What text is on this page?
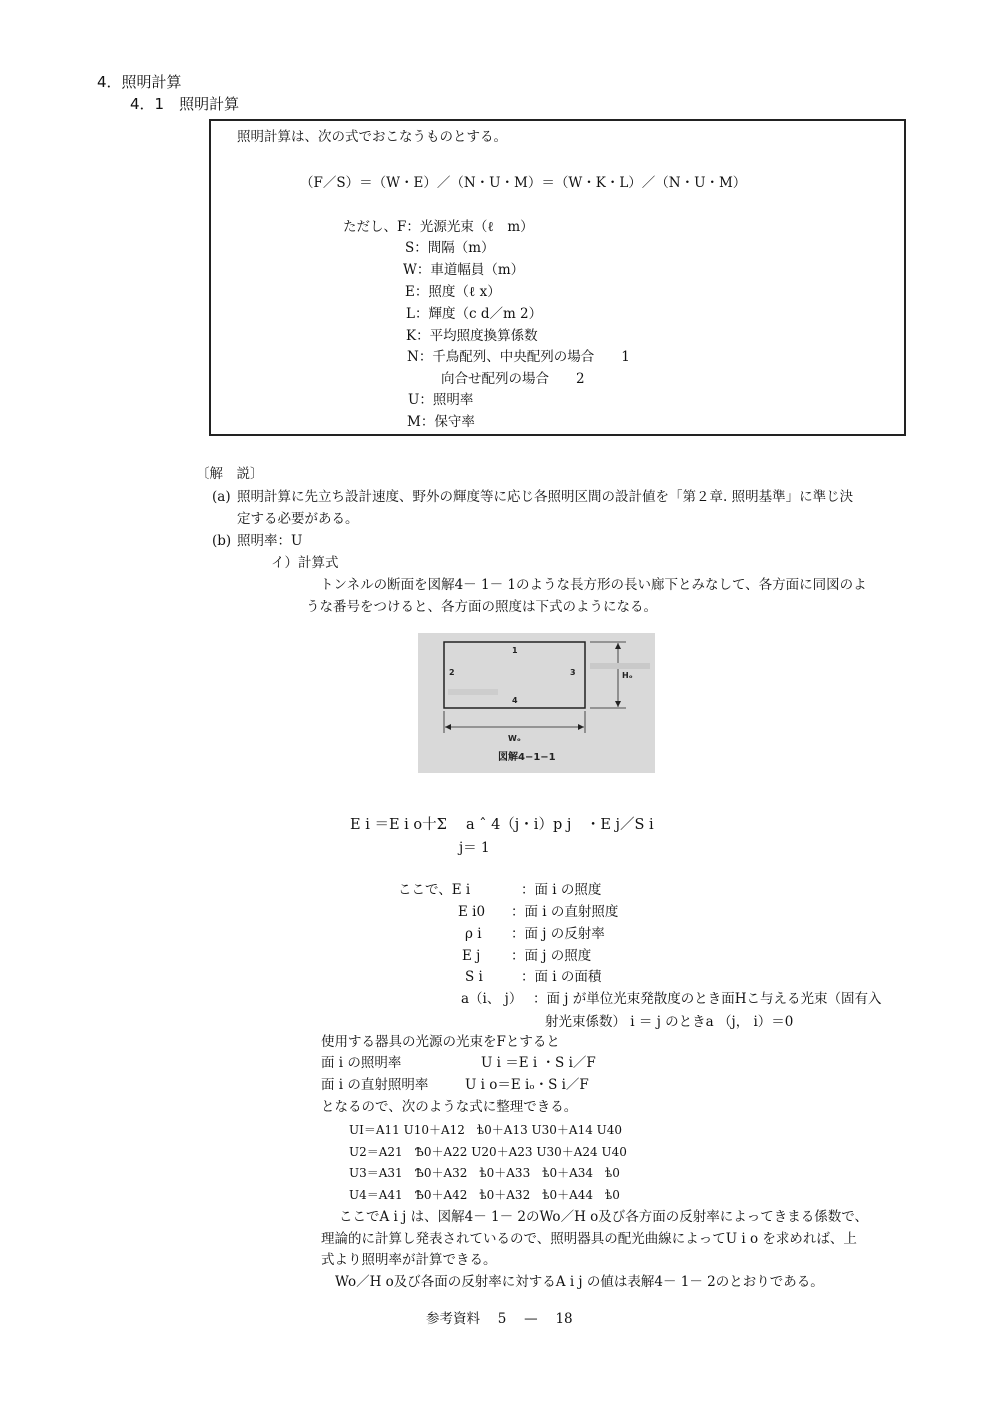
4．照明計算
4．1　照明計算
照明計算は、次の式でおこなうものとする。
（F／S）＝（W・E）／（N・U・M）＝（W・K・L）／（N・U・M）
ただし、F：光源光束（ℓ　m）
S：間隔（m）
W：車道幅員（m）
E：照度（ℓ x）
L：輝度（c d／m 2）
K：平均照度換算係数
N：千鳥配列、中央配列の場合　　1
向合せ配列の場合　　2
U：照明率
M：保守率
〔解　説〕
(a) 照明計算に先立ち設計速度、野外の輝度等に応じ各照明区間の設計値を「第２章. 照明基準」に準じ決
定する必要がある。
(b) 照明率：U
イ）計算式
トンネルの断面を図解4－ 1－ 1のような長方形の長い廊下とみなして、各方面に同図のよ
うな番号をつけると、各方面の照度は下式のようになる。
1
2	3
4
Hₒ
Wₒ
図解4−1−1
E i ＝E i o十Σ　 a ˆ 4（j・i）p j　・E j／S i
j＝ 1
ここで、E i	：面 i の照度
E i0 ：面 i の直射照度
ρ i ：面 j の反射率
E j ：面 j の照度
S i	：面 i の面積
a（i、 j） ：面 j が単位光束発散度のとき面Hこ与える光束（固有入
射光束係数） i ＝ j のときa （j， i）＝0
使用する器具の光源の光束をFとすると
面 i の照明率	U i ＝E i ・S i／F
面 i の直射照明率	U i o＝E iₒ・S i／F
となるので、次のような式に整理できる。
UI＝A11 U10＋A12　ѣ0＋A13 U30＋A14 U40
U2＝A21　Ѣ0＋A22 U20＋A23 U30＋A24 U40
U3＝A31　Ѣ0＋A32　ѣ0＋A33　ѣ0＋A34　ѣ0
U4＝A41　Ѣ0＋A42　ѣ0＋A32　ѣ0＋A44　ѣ0
ここでA i j は、図解4－ 1－ 2のWo／H o及び各方面の反射率によってきまる係数で、
理論的に計算し発表されているので、照明器具の配光曲線によってU i o を求めれば、上
式より照明率が計算できる。
Wo／H o及び各面の反射率に対するA i j の値は表解4－ 1－ 2のとおりである。
参考資料　 5　 —　 18
